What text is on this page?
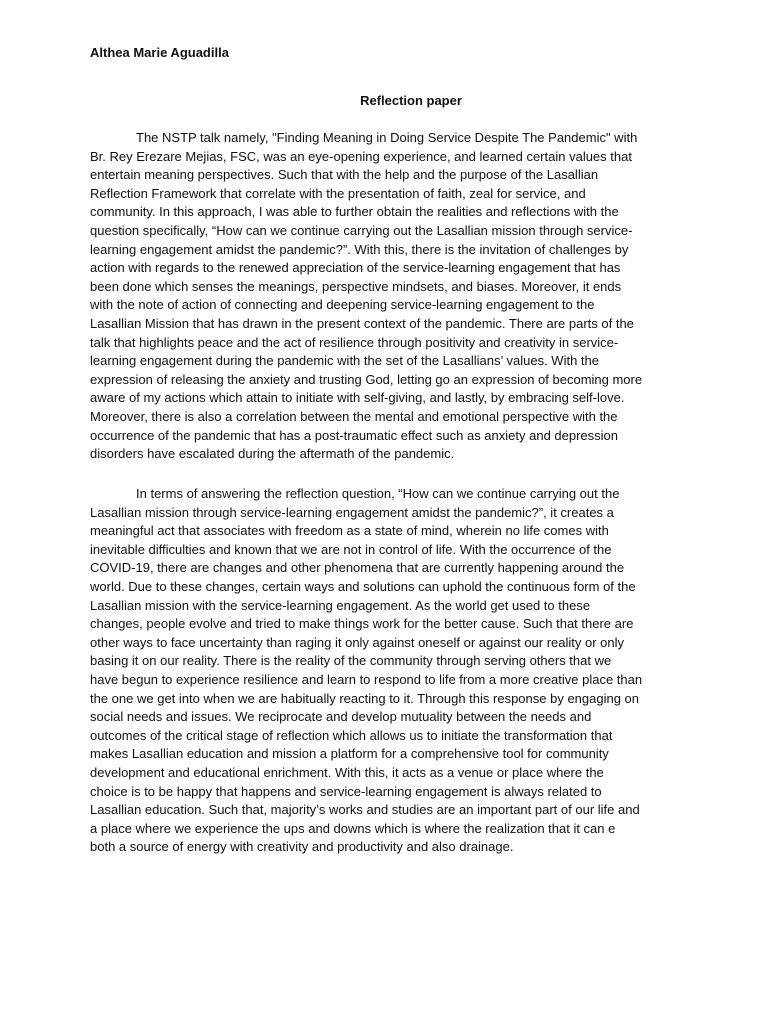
Althea Marie Aguadilla
Reflection paper
The NSTP talk namely, "Finding Meaning in Doing Service Despite The Pandemic" with
Br. Rey Erezare Mejias, FSC, was an eye-opening experience, and learned certain values that
entertain meaning perspectives. Such that with the help and the purpose of the Lasallian
Reflection Framework that correlate with the presentation of faith, zeal for service, and
community. In this approach, I was able to further obtain the realities and reflections with the
question specifically, “How can we continue carrying out the Lasallian mission through service-
learning engagement amidst the pandemic?”. With this, there is the invitation of challenges by
action with regards to the renewed appreciation of the service-learning engagement that has
been done which senses the meanings, perspective mindsets, and biases. Moreover, it ends
with the note of action of connecting and deepening service-learning engagement to the
Lasallian Mission that has drawn in the present context of the pandemic. There are parts of the
talk that highlights peace and the act of resilience through positivity and creativity in service-
learning engagement during the pandemic with the set of the Lasallians’ values. With the
expression of releasing the anxiety and trusting God, letting go an expression of becoming more
aware of my actions which attain to initiate with self-giving, and lastly, by embracing self-love.
Moreover, there is also a correlation between the mental and emotional perspective with the
occurrence of the pandemic that has a post-traumatic effect such as anxiety and depression
disorders have escalated during the aftermath of the pandemic.
In terms of answering the reflection question, “How can we continue carrying out the
Lasallian mission through service-learning engagement amidst the pandemic?”, it creates a
meaningful act that associates with freedom as a state of mind, wherein no life comes with
inevitable difficulties and known that we are not in control of life. With the occurrence of the
COVID-19, there are changes and other phenomena that are currently happening around the
world. Due to these changes, certain ways and solutions can uphold the continuous form of the
Lasallian mission with the service-learning engagement. As the world get used to these
changes, people evolve and tried to make things work for the better cause. Such that there are
other ways to face uncertainty than raging it only against oneself or against our reality or only
basing it on our reality. There is the reality of the community through serving others that we
have begun to experience resilience and learn to respond to life from a more creative place than
the one we get into when we are habitually reacting to it. Through this response by engaging on
social needs and issues. We reciprocate and develop mutuality between the needs and
outcomes of the critical stage of reflection which allows us to initiate the transformation that
makes Lasallian education and mission a platform for a comprehensive tool for community
development and educational enrichment. With this, it acts as a venue or place where the
choice is to be happy that happens and service-learning engagement is always related to
Lasallian education. Such that, majority’s works and studies are an important part of our life and
a place where we experience the ups and downs which is where the realization that it can e
both a source of energy with creativity and productivity and also drainage.
